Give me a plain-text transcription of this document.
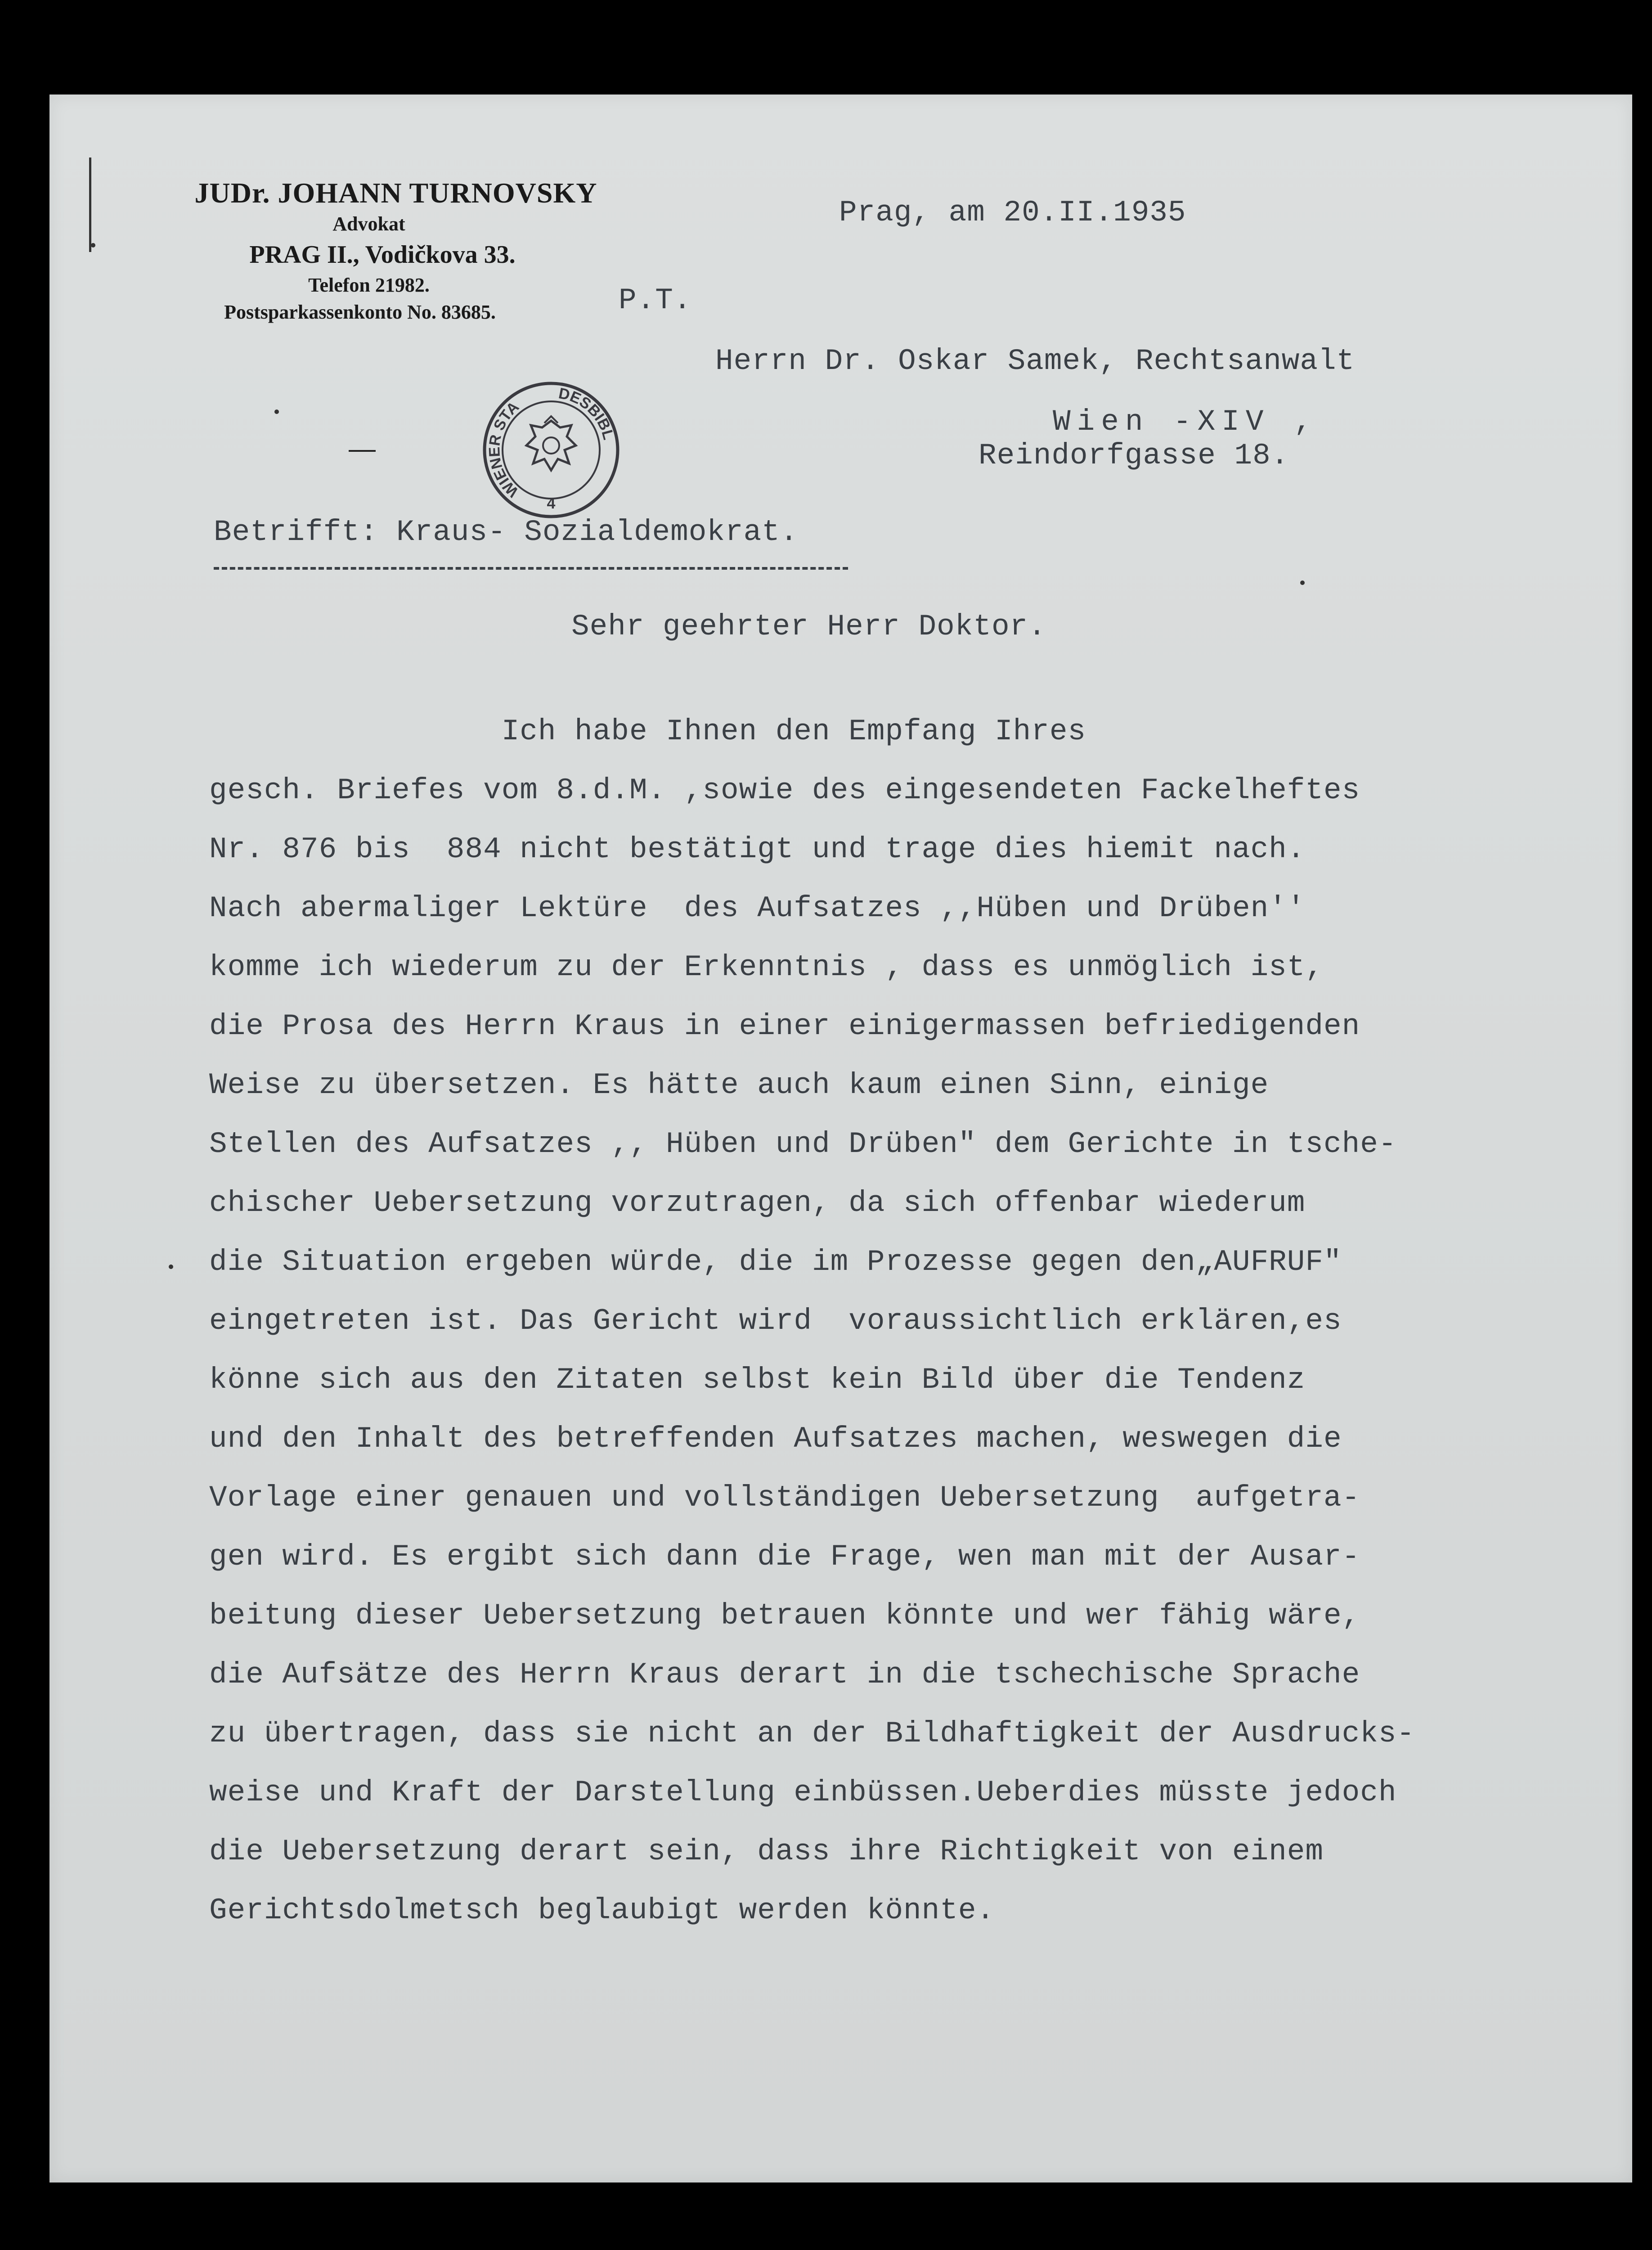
JUDr. JOHANN TURNOVSKY
Advokat
PRAG II., Vodičkova 33.
Telefon 21982.
Postsparkassenkonto No. 83685.
WIENER STA
DESBIBL
4
Prag, am 20.II.1935
P.T.
Herrn Dr. Oskar Samek, Rechtsanwalt
Wien -XIV ,
Reindorfgasse 18.
Betrifft: Kraus- Sozialdemokrat.
Sehr geehrter Herr Doktor.
Ich habe Ihnen den Empfang Ihres
gesch. Briefes vom 8.d.M. ,sowie des eingesendeten Fackelheftes
Nr. 876 bis  884 nicht bestätigt und trage dies hiemit nach.
Nach abermaliger Lektüre  des Aufsatzes ,,Hüben und Drüben''
komme ich wiederum zu der Erkenntnis , dass es unmöglich ist,
die Prosa des Herrn Kraus in einer einigermassen befriedigenden
Weise zu übersetzen. Es hätte auch kaum einen Sinn, einige
Stellen des Aufsatzes ,, Hüben und Drüben" dem Gerichte in tsche-
chischer Uebersetzung vorzutragen, da sich offenbar wiederum
die Situation ergeben würde, die im Prozesse gegen den„AUFRUF"
eingetreten ist. Das Gericht wird  voraussichtlich erklären,es
könne sich aus den Zitaten selbst kein Bild über die Tendenz
und den Inhalt des betreffenden Aufsatzes machen, weswegen die
Vorlage einer genauen und vollständigen Uebersetzung  aufgetra-
gen wird. Es ergibt sich dann die Frage, wen man mit der Ausar-
beitung dieser Uebersetzung betrauen könnte und wer fähig wäre,
die Aufsätze des Herrn Kraus derart in die tschechische Sprache
zu übertragen, dass sie nicht an der Bildhaftigkeit der Ausdrucks-
weise und Kraft der Darstellung einbüssen.Ueberdies müsste jedoch
die Uebersetzung derart sein, dass ihre Richtigkeit von einem
Gerichtsdolmetsch beglaubigt werden könnte.
